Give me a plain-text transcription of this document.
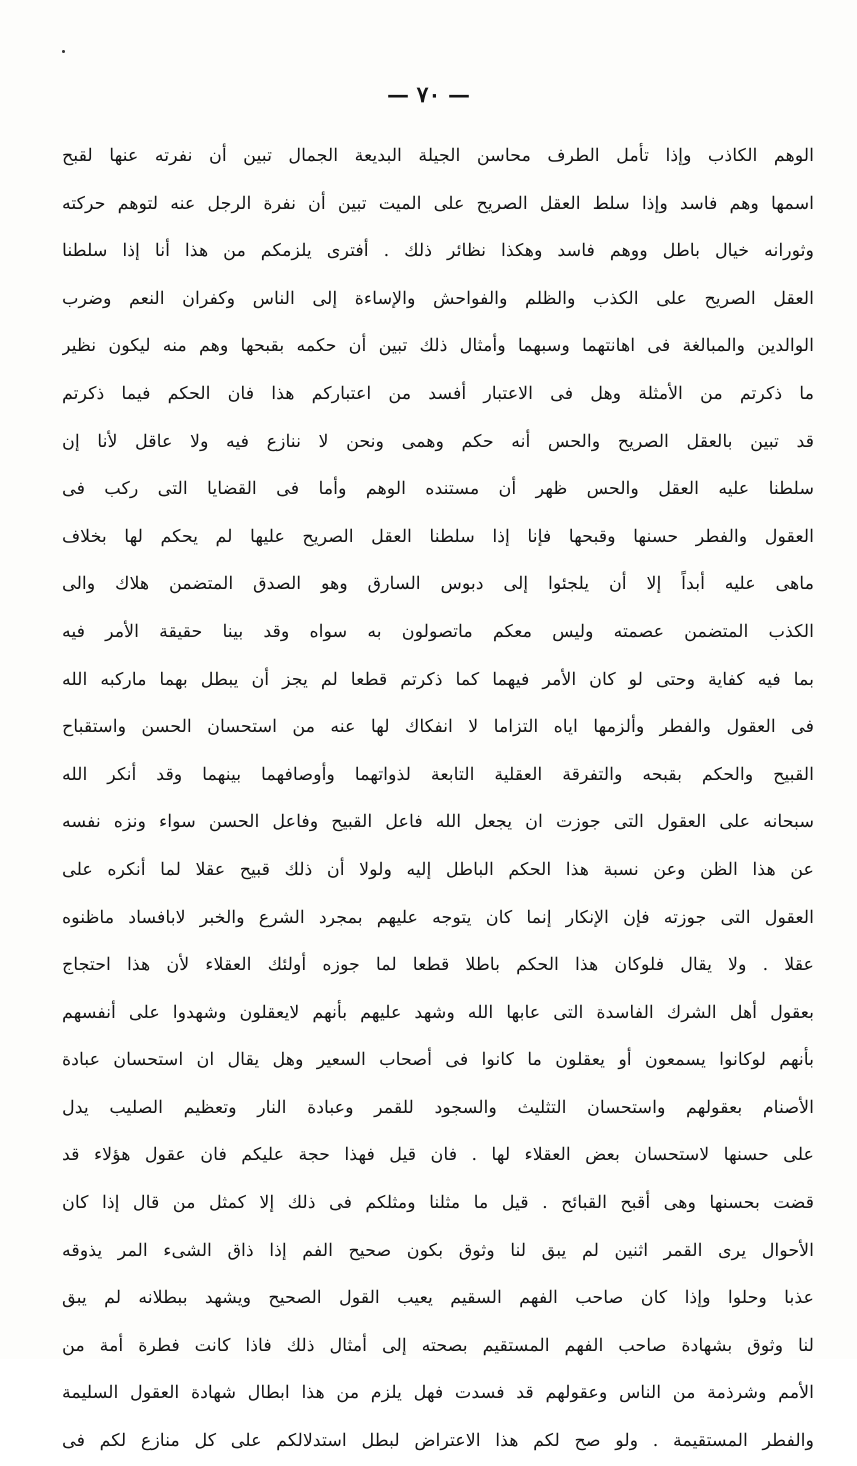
— ٧٠ —
الوهم الكاذب وإذا تأمل الطرف محاسن الجيلة البديعة الجمال تبين أن نفرته عنها لقبح
اسمها وهم فاسد وإذا سلط العقل الصريح على الميت تبين أن نفرة الرجل عنه لتوهم حركته
وثورانه خيال باطل ووهم فاسد وهكذا نظائر ذلك . أفترى يلزمكم من هذا أنا إذا سلطنا
العقل الصريح على الكذب والظلم والفواحش والإساءة إلى الناس وكفران النعم وضرب
الوالدين والمبالغة فى اهانتهما وسبهما وأمثال ذلك تبين أن حكمه بقبحها وهم منه ليكون نظير
ما ذكرتم من الأمثلة وهل فى الاعتبار أفسد من اعتباركم هذا فان الحكم فيما ذكرتم
قد تبين بالعقل الصريح والحس أنه حكم وهمى ونحن لا ننازع فيه ولا عاقل لأنا إن
سلطنا عليه العقل والحس ظهر أن مستنده الوهم وأما فى القضايا التى ركب فى
العقول والفطر حسنها وقبحها فإنا إذا سلطنا العقل الصريح عليها لم يحكم لها بخلاف
ماهى عليه أبداً إلا أن يلجئوا إلى دبوس السارق وهو الصدق المتضمن هلاك والى
الكذب المتضمن عصمته وليس معكم ماتصولون به سواه وقد بينا حقيقة الأمر فيه
بما فيه كفاية وحتى لو كان الأمر فيهما كما ذكرتم قطعا لم يجز أن يبطل بهما ماركبه الله
فى العقول والفطر وألزمها اياه التزاما لا انفكاك لها عنه من استحسان الحسن واستقباح
القبيح والحكم بقبحه والتفرقة العقلية التابعة لذواتهما وأوصافهما بينهما وقد أنكر الله
سبحانه على العقول التى جوزت ان يجعل الله فاعل القبيح وفاعل الحسن سواء ونزه نفسه
عن هذا الظن وعن نسبة هذا الحكم الباطل إليه ولولا أن ذلك قبيح عقلا لما أنكره على
العقول التى جوزته فإن الإنكار إنما كان يتوجه عليهم بمجرد الشرع والخبر لابافساد ماظنوه
عقلا . ولا يقال فلوكان هذا الحكم باطلا قطعا لما جوزه أولئك العقلاء لأن هذا احتجاج
بعقول أهل الشرك الفاسدة التى عابها الله وشهد عليهم بأنهم لايعقلون وشهدوا على أنفسهم
بأنهم لوكانوا يسمعون أو يعقلون ما كانوا فى أصحاب السعير وهل يقال ان استحسان عبادة
الأصنام بعقولهم واستحسان التثليث والسجود للقمر وعبادة النار وتعظيم الصليب يدل
على حسنها لاستحسان بعض العقلاء لها . فان قيل فهذا حجة عليكم فان عقول هؤلاء قد
قضت بحسنها وهى أقبح القبائح . قيل ما مثلنا ومثلكم فى ذلك إلا كمثل من قال إذا كان
الأحوال يرى القمر اثنين لم يبق لنا وثوق بكون صحيح الفم إذا ذاق الشىء المر يذوقه
عذبا وحلوا وإذا كان صاحب الفهم السقيم يعيب القول الصحيح ويشهد ببطلانه لم يبق
لنا وثوق بشهادة صاحب الفهم المستقيم بصحته إلى أمثال ذلك فاذا كانت فطرة أمة من
الأمم وشرذمة من الناس وعقولهم قد فسدت فهل يلزم من هذا ابطال شهادة العقول السليمة
والفطر المستقيمة . ولو صح لكم هذا الاعتراض لبطل استدلالكم على كل منازع لكم فى
